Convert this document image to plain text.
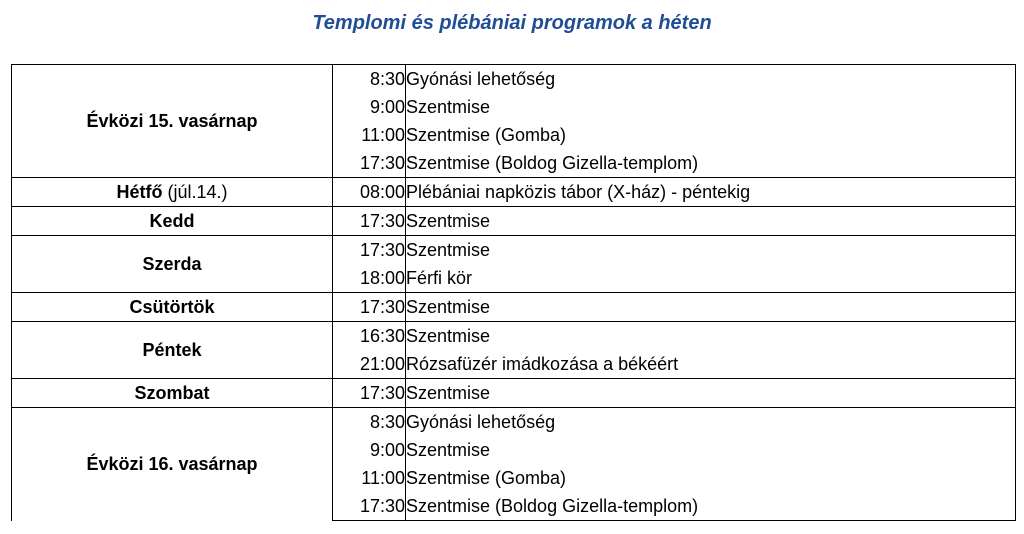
Templomi és plébániai programok a héten
Évközi 15. vasárnap	8:30	Gyónási lehetőség
	9:00	Szentmise
	11:00	Szentmise (Gomba)
	17:30	Szentmise (Boldog Gizella-templom)
Hétfő (júl.14.)	08:00	Plébániai napközis tábor (X-ház) - péntekig
Kedd	17:30	Szentmise
Szerda	17:30	Szentmise
	18:00	Férfi kör
Csütörtök	17:30	Szentmise
Péntek	16:30	Szentmise
	21:00	Rózsafüzér imádkozása a békéért
Szombat	17:30	Szentmise
Évközi 16. vasárnap	8:30	Gyónási lehetőség
	9:00	Szentmise
	11:00	Szentmise (Gomba)
	17:30	Szentmise (Boldog Gizella-templom)
